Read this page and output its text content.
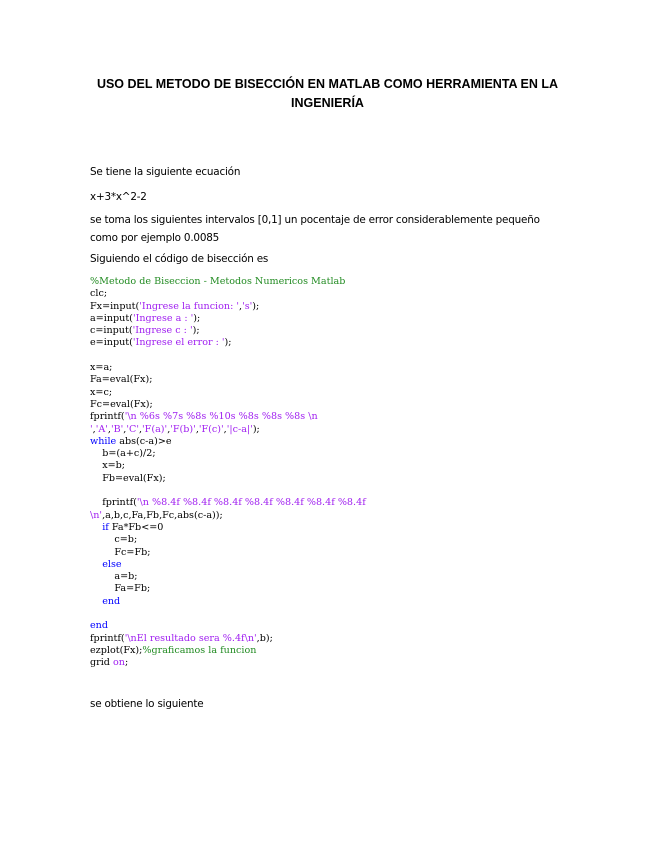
USO DEL METODO DE BISECCIÓN EN MATLAB COMO HERRAMIENTA EN LA INGENIERÍA
Se tiene la siguiente ecuación
x+3*x^2-2
se toma los siguientes intervalos [0,1] un pocentaje de error considerablemente pequeño como por ejemplo 0.0085
Siguiendo el código de bisección es
%Metodo de Biseccion - Metodos Numericos Matlab
clc;
Fx=input('Ingrese la funcion: ','s');
a=input('Ingrese a : ');
c=input('Ingrese c : ');
e=input('Ingrese el error : ');
x=a;
Fa=eval(Fx);
x=c;
Fc=eval(Fx);
fprintf('\n %6s %7s %8s %10s %8s %8s %8s \n
','A','B','C','F(a)','F(b)','F(c)','|c-a|');
while abs(c-a)>e
b=(a+c)/2;
x=b;
Fb=eval(Fx);
fprintf('\n %8.4f %8.4f %8.4f %8.4f %8.4f %8.4f %8.4f
\n',a,b,c,Fa,Fb,Fc,abs(c-a));
if Fa*Fb<=0
c=b;
Fc=Fb;
else
a=b;
Fa=Fb;
end
end
fprintf('\nEl resultado sera %.4f\n',b);
ezplot(Fx);%graficamos la funcion
grid on;
se obtiene lo siguiente
